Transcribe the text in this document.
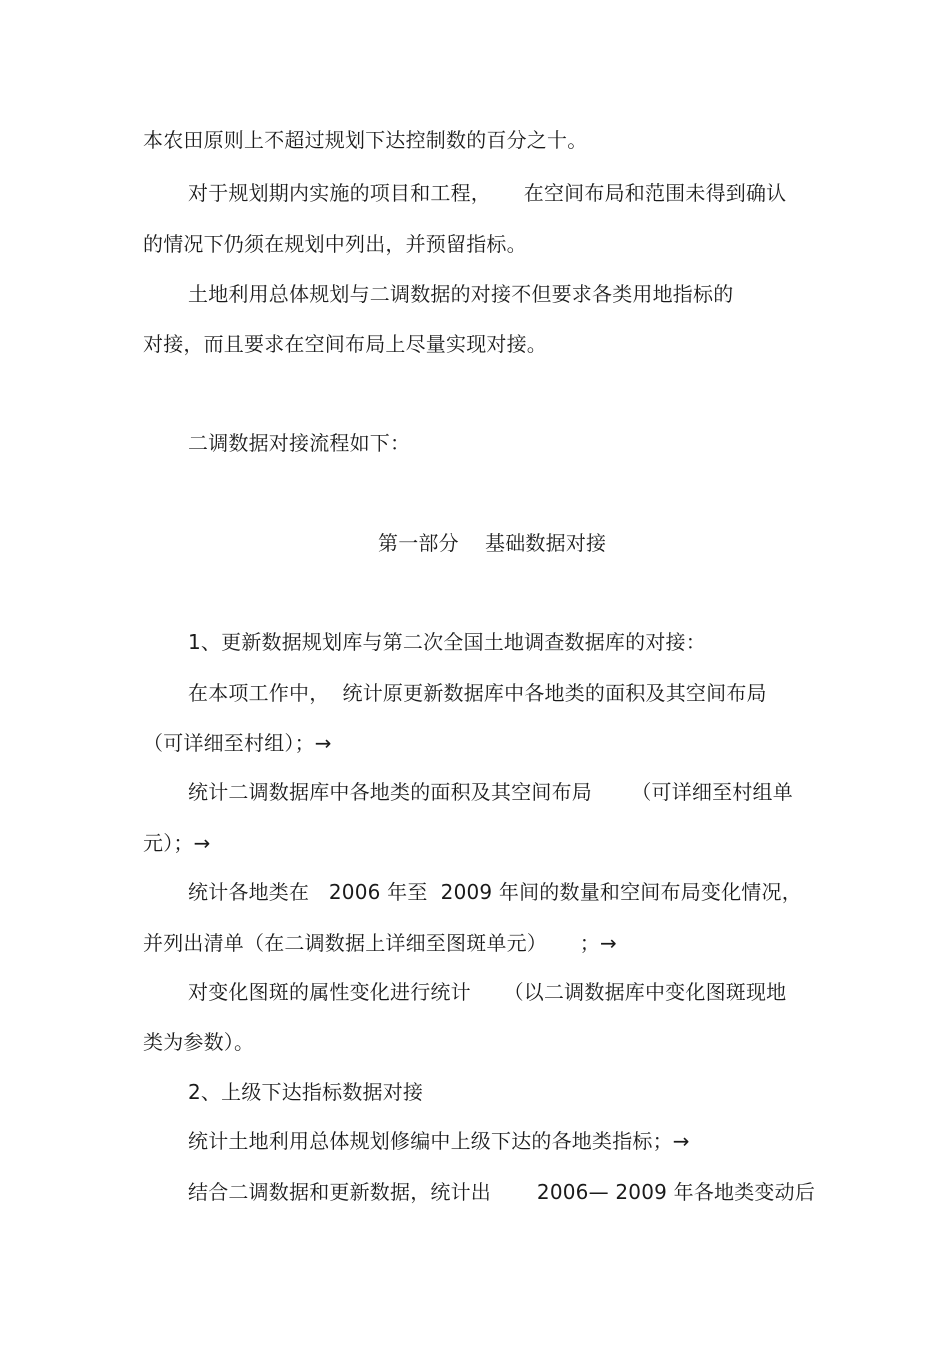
本农田原则上不超过规划下达控制数的百分之十。
对于规划期内实施的项目和工程，     在空间布局和范围未得到确认
的情况下仍须在规划中列出，并预留指标。
土地利用总体规划与二调数据的对接不但要求各类用地指标的
对接，而且要求在空间布局上尽量实现对接。
二调数据对接流程如下：
第一部分    基础数据对接
1、更新数据规划库与第二次全国土地调查数据库的对接：
在本项工作中，  统计原更新数据库中各地类的面积及其空间布局
（可详细至村组）；→
统计二调数据库中各地类的面积及其空间布局      （可详细至村组单
元）；→
统计各地类在   2006 年至  2009 年间的数量和空间布局变化情况，
并列出清单（在二调数据上详细至图斑单元）     ；→
对变化图斑的属性变化进行统计     （以二调数据库中变化图斑现地
类为参数）。
2、上级下达指标数据对接
统计土地利用总体规划修编中上级下达的各地类指标；→
结合二调数据和更新数据，统计出       2006— 2009 年各地类变动后
